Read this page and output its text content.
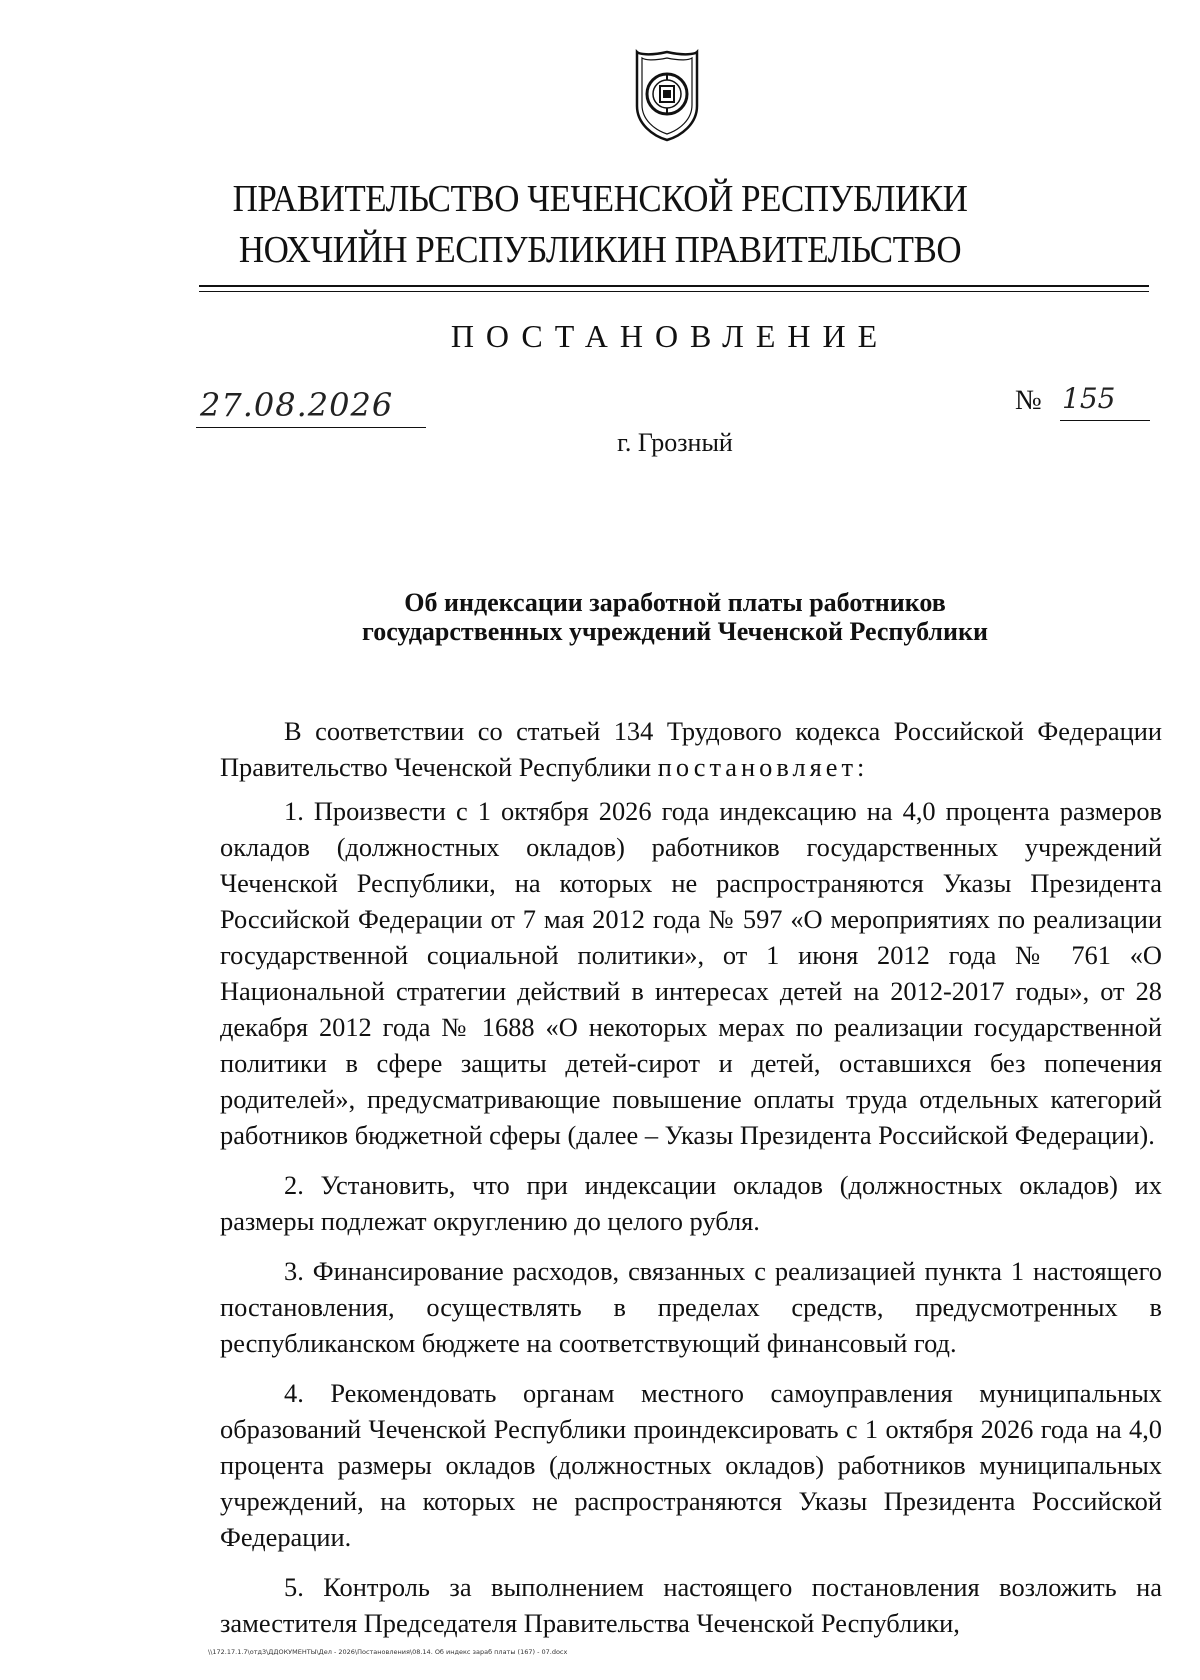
ПРАВИТЕЛЬСТВО ЧЕЧЕНСКОЙ РЕСПУБЛИКИ
НОХЧИЙН РЕСПУБЛИКИН ПРАВИТЕЛЬСТВО
ПОСТАНОВЛЕНИЕ
27.08.2026	№ 155
г. Грозный
Об индексации заработной платы работников
государственных учреждений Чеченской Республики

В соответствии со статьей 134 Трудового кодекса Российской Федерации Правительство Чеченской Республики постановляет:

1. Произвести с 1 октября 2026 года индексацию на 4,0 процента размеров окладов (должностных окладов) работников государственных учреждений Чеченской Республики, на которых не распространяются Указы Президента Российской Федерации от 7 мая 2012 года № 597 «О мероприятиях по реализации государственной социальной политики», от 1 июня 2012 года № 761 «О Национальной стратегии действий в интересах детей на 2012-2017 годы», от 28 декабря 2012 года № 1688 «О некоторых мерах по реализации государственной политики в сфере защиты детей-сирот и детей, оставшихся без попечения родителей», предусматривающие повышение оплаты труда отдельных категорий работников бюджетной сферы (далее – Указы Президента Российской Федерации).

2. Установить, что при индексации окладов (должностных окладов) их размеры подлежат округлению до целого рубля.

3. Финансирование расходов, связанных с реализацией пункта 1 настоящего постановления, осуществлять в пределах средств, предусмотренных в республиканском бюджете на соответствующий финансовый год.

4. Рекомендовать органам местного самоуправления муниципальных образований Чеченской Республики проиндексировать с 1 октября 2026 года на 4,0 процента размеры окладов (должностных окладов) работников муниципальных учреждений, на которых не распространяются Указы Президента Российской Федерации.

5. Контроль за выполнением настоящего постановления возложить на заместителя Председателя Правительства Чеченской Республики,

\\172.17.1.7\отд3\ДДОКУМЕНТЫ\Дел - 2026\Постановления\08.14. Об индекс зараб платы (167) - 07.docx
